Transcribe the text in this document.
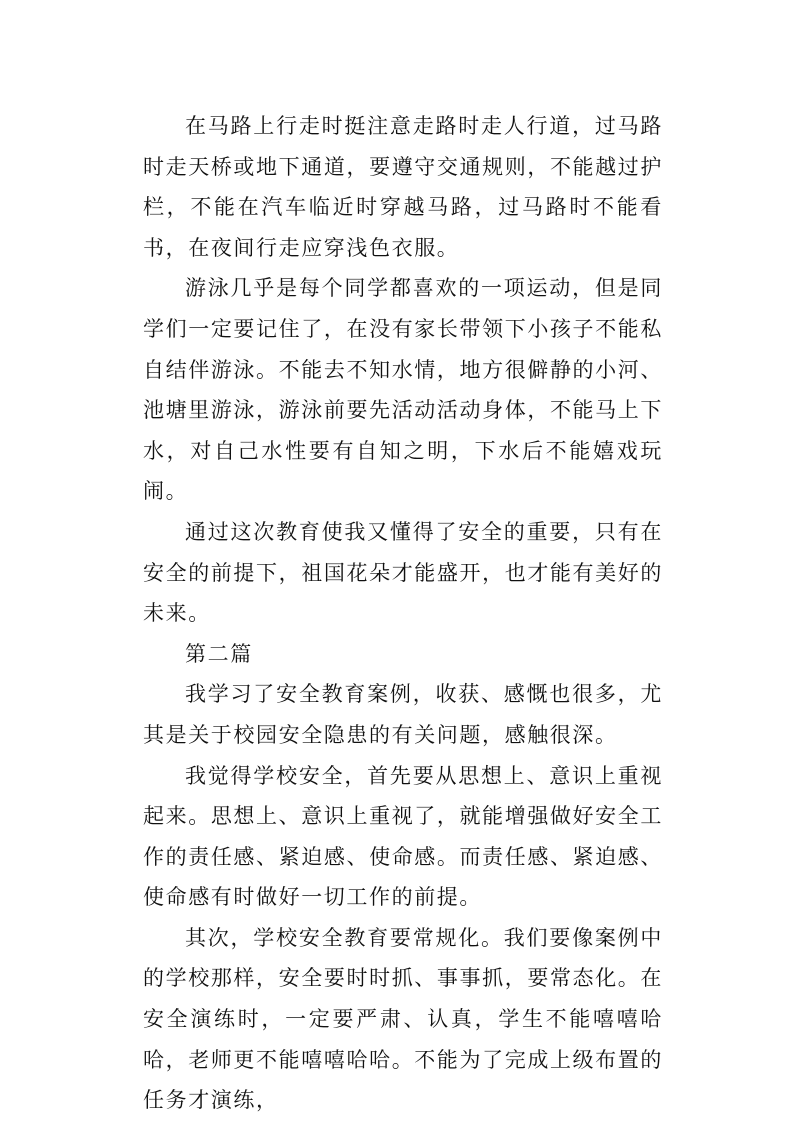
在马路上行走时挺注意走路时走人行道，过马路时走天桥或地下通道，要遵守交通规则，不能越过护栏，不能在汽车临近时穿越马路，过马路时不能看书，在夜间行走应穿浅色衣服。

游泳几乎是每个同学都喜欢的一项运动，但是同学们一定要记住了，在没有家长带领下小孩子不能私自结伴游泳。不能去不知水情，地方很僻静的小河、池塘里游泳，游泳前要先活动活动身体，不能马上下水，对自己水性要有自知之明，下水后不能嬉戏玩闹。

通过这次教育使我又懂得了安全的重要，只有在安全的前提下，祖国花朵才能盛开，也才能有美好的未来。

第二篇

我学习了安全教育案例，收获、感慨也很多，尤其是关于校园安全隐患的有关问题，感触很深。

我觉得学校安全，首先要从思想上、意识上重视起来。思想上、意识上重视了，就能增强做好安全工作的责任感、紧迫感、使命感。而责任感、紧迫感、使命感有时做好一切工作的前提。

其次，学校安全教育要常规化。我们要像案例中的学校那样，安全要时时抓、事事抓，要常态化。在安全演练时，一定要严肃、认真，学生不能嘻嘻哈哈，老师更不能嘻嘻哈哈。不能为了完成上级布置的任务才演练，
